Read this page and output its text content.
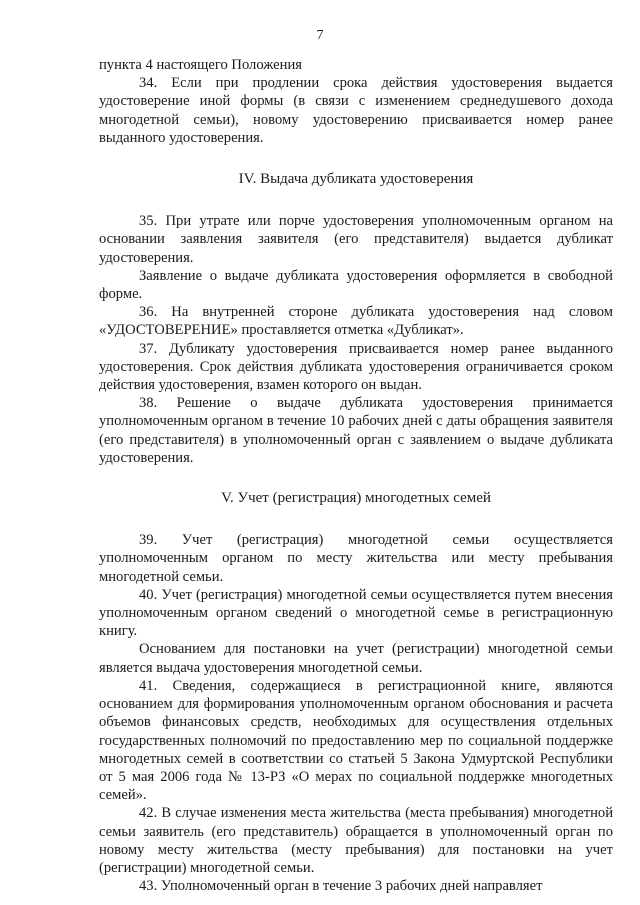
7

пункта 4 настоящего Положения

34. Если при продлении срока действия удостоверения выдается удостоверение иной формы (в связи с изменением среднедушевого дохода многодетной семьи), новому удостоверению присваивается номер ранее выданного удостоверения.

IV. Выдача дубликата удостоверения

35. При утрате или порче удостоверения уполномоченным органом на основании заявления заявителя (его представителя) выдается дубликат удостоверения.

Заявление о выдаче дубликата удостоверения оформляется в свободной форме.

36. На внутренней стороне дубликата удостоверения над словом «УДОСТОВЕРЕНИЕ» проставляется отметка «Дубликат».

37. Дубликату удостоверения присваивается номер ранее выданного удостоверения. Срок действия дубликата удостоверения ограничивается сроком действия удостоверения, взамен которого он выдан.

38. Решение о выдаче дубликата удостоверения принимается уполномоченным органом в течение 10 рабочих дней с даты обращения заявителя (его представителя) в уполномоченный орган с заявлением о выдаче дубликата удостоверения.

V. Учет (регистрация) многодетных семей

39. Учет (регистрация) многодетной семьи осуществляется уполномоченным органом по месту жительства или месту пребывания многодетной семьи.

40. Учет (регистрация) многодетной семьи осуществляется путем внесения уполномоченным органом сведений о многодетной семье в регистрационную книгу.

Основанием для постановки на учет (регистрации) многодетной семьи является выдача удостоверения многодетной семьи.

41. Сведения, содержащиеся в регистрационной книге, являются основанием для формирования уполномоченным органом обоснования и расчета объемов финансовых средств, необходимых для осуществления отдельных государственных полномочий по предоставлению мер по социальной поддержке многодетных семей в соответствии со статьей 5 Закона Удмуртской Республики от 5 мая 2006 года № 13-РЗ «О мерах по социальной поддержке многодетных семей».

42. В случае изменения места жительства (места пребывания) многодетной семьи заявитель (его представитель) обращается в уполномоченный орган по новому месту жительства (месту пребывания) для постановки на учет (регистрации) многодетной семьи.

43. Уполномоченный орган в течение 3 рабочих дней направляет
